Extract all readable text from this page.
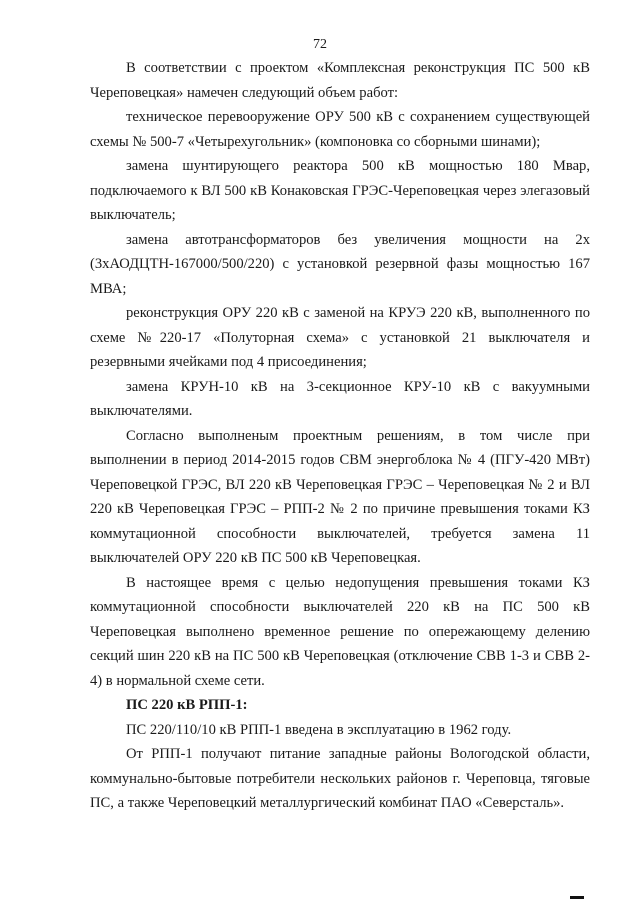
72

В соответствии с проектом «Комплексная реконструкция ПС 500 кВ Череповецкая» намечен следующий объем работ:

техническое перевооружение ОРУ 500 кВ с сохранением существующей схемы № 500-7 «Четырехугольник» (компоновка со сборными шинами);

замена шунтирующего реактора 500 кВ мощностью 180 Мвар, подключаемого к ВЛ 500 кВ Конаковская ГРЭС-Череповецкая через элегазовый выключатель;

замена автотрансформаторов без увеличения мощности на 2х (3хАОДЦТН-167000/500/220) с установкой резервной фазы мощностью 167 МВА;

реконструкция ОРУ 220 кВ с заменой на КРУЭ 220 кВ, выполненного по схеме №220-17 «Полуторная схема» с установкой 21 выключателя и резервными ячейками под 4 присоединения;

замена КРУН-10 кВ на 3-секционное КРУ-10 кВ с вакуумными выключателями.

Согласно выполненым проектным решениям, в том числе при выполнении в период 2014-2015 годов СВМ энергоблока № 4 (ПГУ-420 МВт) Череповецкой ГРЭС, ВЛ 220 кВ Череповецкая ГРЭС – Череповецкая № 2 и ВЛ 220 кВ Череповецкая ГРЭС – РПП-2 № 2 по причине превышения токами КЗ коммутационной способности выключателей, требуется замена 11 выключателей ОРУ 220 кВ ПС 500 кВ Череповецкая.

В настоящее время с целью недопущения превышения токами КЗ коммутационной способности выключателей 220 кВ на ПС 500 кВ Череповецкая выполнено временное решение по опережающему делению секций шин 220 кВ на ПС 500 кВ Череповецкая (отключение СВВ 1-3 и СВВ 2-4) в нормальной схеме сети.

ПС 220 кВ РПП-1:

ПС 220/110/10 кВ РПП-1 введена в эксплуатацию в 1962 году.

От РПП-1 получают питание западные районы Вологодской области, коммунально-бытовые потребители нескольких районов г. Череповца, тяговые ПС, а также Череповецкий металлургический комбинат ПАО «Северсталь».
